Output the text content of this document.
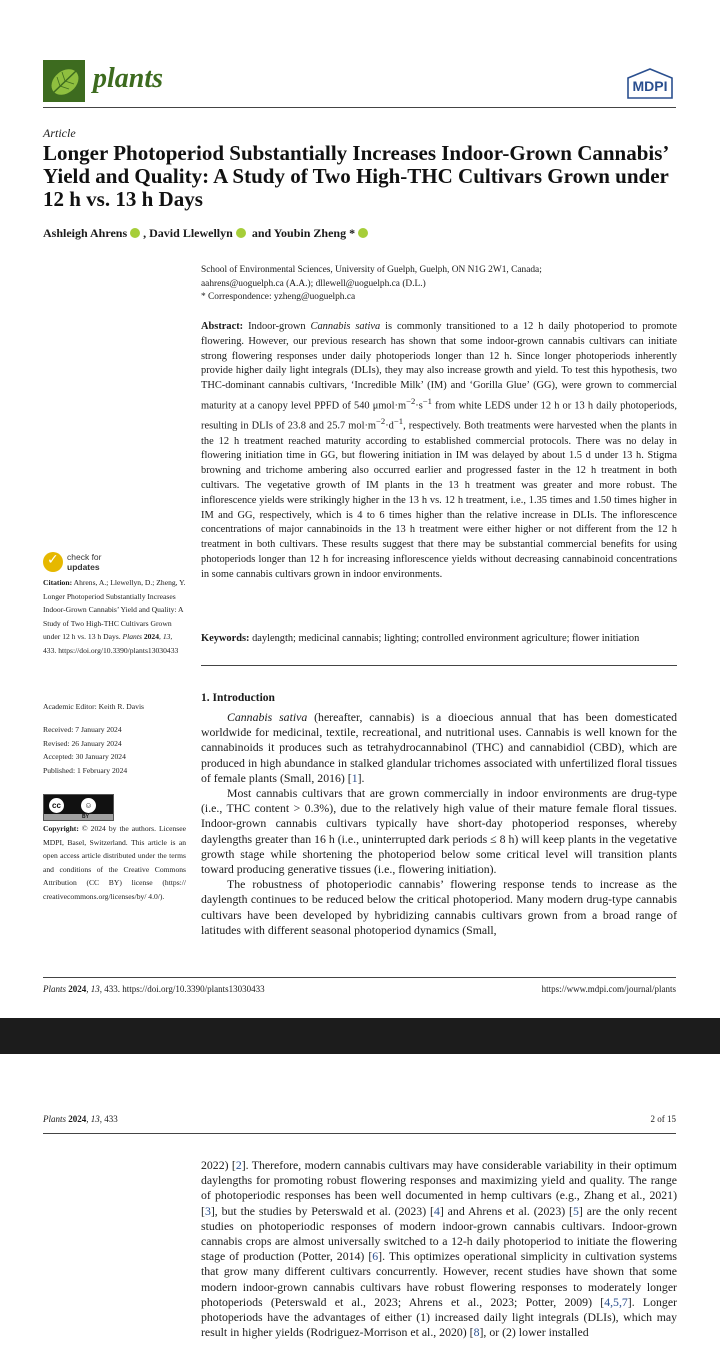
plants	MDPI
Article
Longer Photoperiod Substantially Increases Indoor-Grown Cannabis’ Yield and Quality: A Study of Two High-THC Cultivars Grown under 12 h vs. 13 h Days
Ashleigh Ahrens , David Llewellyn and Youbin Zheng *
School of Environmental Sciences, University of Guelph, Guelph, ON N1G 2W1, Canada;
aahrens@uoguelph.ca (A.A.); dllewell@uoguelph.ca (D.L.)
* Correspondence: yzheng@uoguelph.ca
Abstract: Indoor-grown Cannabis sativa is commonly transitioned to a 12 h daily photoperiod to promote flowering. However, our previous research has shown that some indoor-grown cannabis cultivars can initiate strong flowering responses under daily photoperiods longer than 12 h. Since longer photoperiods inherently provide higher daily light integrals (DLIs), they may also increase growth and yield. To test this hypothesis, two THC-dominant cannabis cultivars, ‘Incredible Milk’ (IM) and ‘Gorilla Glue’ (GG), were grown to commercial maturity at a canopy level PPFD of 540 $\mu mol\cdot m^{-2}\cdot s^{-1}$ from white LEDS under 12 h or 13 h daily photoperiods, resulting in DLIs of 23.8 and 25.7 $mol\cdot m^{-2}\cdot d^{-1}$, respectively. Both treatments were harvested when the plants in the 12 h treatment reached maturity according to established commercial protocols. There was no delay in flowering initiation time in GG, but flowering initiation in IM was delayed by about 1.5 d under 13 h. Stigma browning and trichome ambering also occurred earlier and progressed faster in the 12 h treatment in both cultivars. The vegetative growth of IM plants in the 13 h treatment was greater and more robust. The inflorescence yields were strikingly higher in the 13 h vs. 12 h treatment, i.e., 1.35 times and 1.50 times higher in IM and GG, respectively, which is 4 to 6 times higher than the relative increase in DLIs. The inflorescence concentrations of major cannabinoids in the 13 h treatment were either higher or not different from the 12 h treatment in both cultivars. These results suggest that there may be substantial commercial benefits for using photoperiods longer than 12 h for increasing inflorescence yields without decreasing cannabinoid concentrations in some cannabis cultivars grown in indoor environments.
Keywords: daylength; medicinal cannabis; lighting; controlled environment agriculture; flower initiation
✓ check for
updates
Citation: Ahrens, A.; Llewellyn, D.; Zheng, Y. Longer Photoperiod Substantially Increases Indoor-Grown Cannabis’ Yield and Quality: A Study of Two High-THC Cultivars Grown under 12 h vs. 13 h Days. Plants 2024, 13, 433. https://doi.org/10.3390/plants13030433
Academic Editor: Keith R. Davis
Received: 7 January 2024
Revised: 26 January 2024
Accepted: 30 January 2024
Published: 1 February 2024
cc	☺
BY
Copyright: © 2024 by the authors. Licensee MDPI, Basel, Switzerland. This article is an open access article distributed under the terms and conditions of the Creative Commons Attribution (CC BY) license (https:// creativecommons.org/licenses/by/ 4.0/).
1. Introduction

Cannabis sativa (hereafter, cannabis) is a dioecious annual that has been domesticated worldwide for medicinal, textile, recreational, and nutritional uses. Cannabis is well known for the cannabinoids it produces such as tetrahydrocannabinol (THC) and cannabidiol (CBD), which are produced in high abundance in stalked glandular trichomes associated with unfertilized floral tissues of female plants (Small, 2016) [1].

Most cannabis cultivars that are grown commercially in indoor environments are drug-type (i.e., THC content > 0.3%), due to the relatively high value of their mature female floral tissues. Indoor-grown cannabis cultivars typically have short-day photoperiod responses, whereby daylengths greater than 16 h (i.e., uninterrupted dark periods ≤ 8 h) will keep plants in the vegetative growth stage while shortening the photoperiod below some critical level will transition plants toward producing generative tissues (i.e., flowering initiation).

The robustness of photoperiodic cannabis’ flowering response tends to increase as the daylength continues to be reduced below the critical photoperiod. Many modern drug-type cannabis cultivars have been developed by hybridizing cannabis cultivars grown from a broad range of latitudes with different seasonal photoperiod dynamics (Small,

Plants 2024, 13, 433. https://doi.org/10.3390/plants13030433	https://www.mdpi.com/journal/plants
Plants 2024, 13, 433	2 of 15

2022) [2]. Therefore, modern cannabis cultivars may have considerable variability in their optimum daylengths for promoting robust flowering responses and maximizing yield and quality. The range of photoperiodic responses has been well documented in hemp cultivars (e.g., Zhang et al., 2021) [3], but the studies by Peterswald et al. (2023) [4] and Ahrens et al. (2023) [5] are the only recent studies on photoperiodic responses of modern indoor-grown cannabis cultivars. Indoor-grown cannabis crops are almost universally switched to a 12-h daily photoperiod to initiate the flowering stage of production (Potter, 2014) [6]. This optimizes operational simplicity in cultivation systems that grow many different cultivars concurrently. However, recent studies have shown that some modern indoor-grown cannabis cultivars have robust flowering responses to moderately longer photoperiods (Peterswald et al., 2023; Ahrens et al., 2023; Potter, 2009) [4,5,7]. Longer photoperiods have the advantages of either (1) increased daily light integrals (DLIs), which may result in higher yields (Rodriguez-Morrison et al., 2020) [8], or (2) lower installed
